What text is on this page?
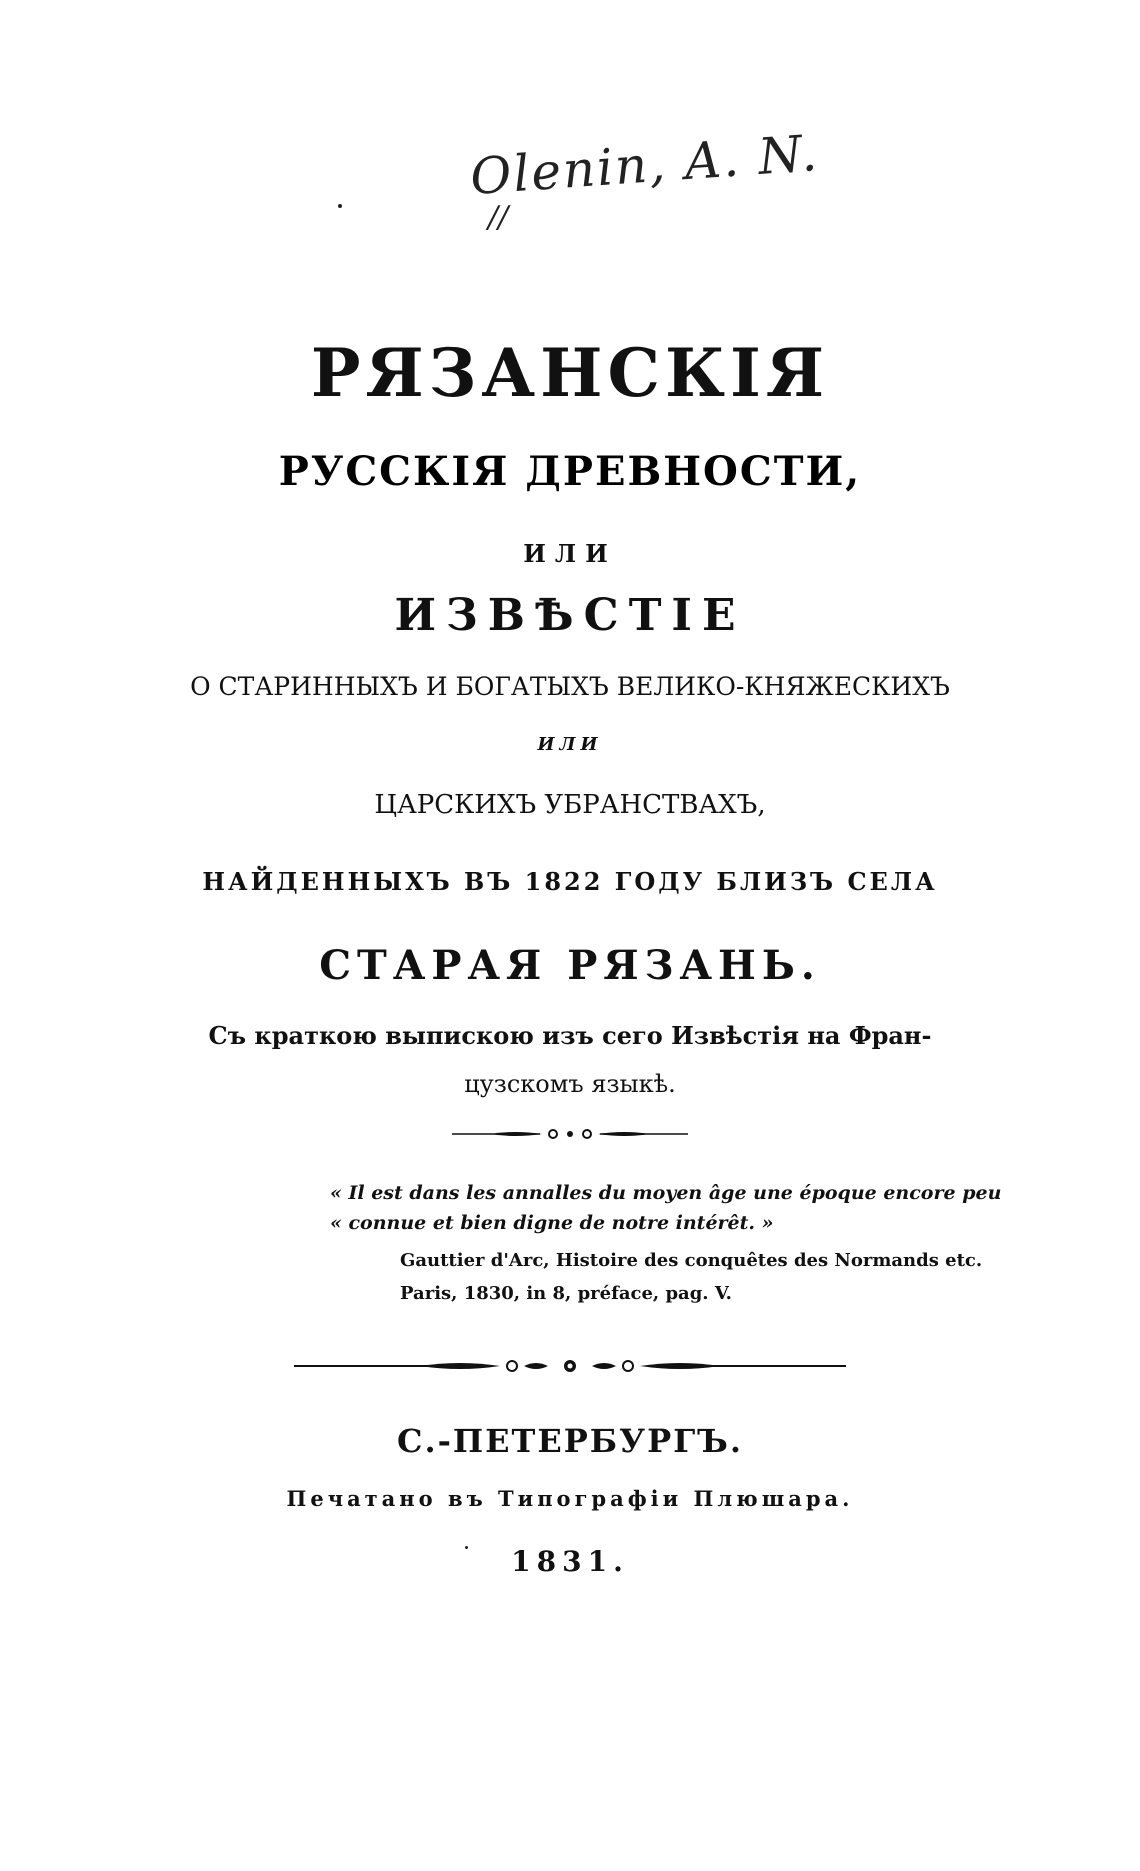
Olenin, A. N.
//
РЯЗАНСКІЯ
РУССКІЯ ДРЕВНОСТИ,
ИЛИ
ИЗВѢСТІЕ
О СТАРИННЫХЪ И БОГАТЫХЪ ВЕЛИКО-КНЯЖЕСКИХЪ
ИЛИ
ЦАРСКИХЪ УБРАНСТВАХЪ,
НАЙДЕННЫХЪ ВЪ 1822 ГОДУ БЛИЗЪ СЕЛА
СТАРАЯ РЯЗАНЬ.
Съ краткою выпискою изъ сего Извѣстія на Фран-
цузскомъ языкѣ.
« Il est dans les annalles du moyen âge une époque encore peu
« connue et bien digne de notre intérêt. »
Gauttier d'Arc, Histoire des conquêtes des Normands etc.
Paris, 1830, in 8, préface, pag. V.
С.-ПЕТЕРБУРГЪ.
Печатано въ Типографіи Плюшара.
1831.
